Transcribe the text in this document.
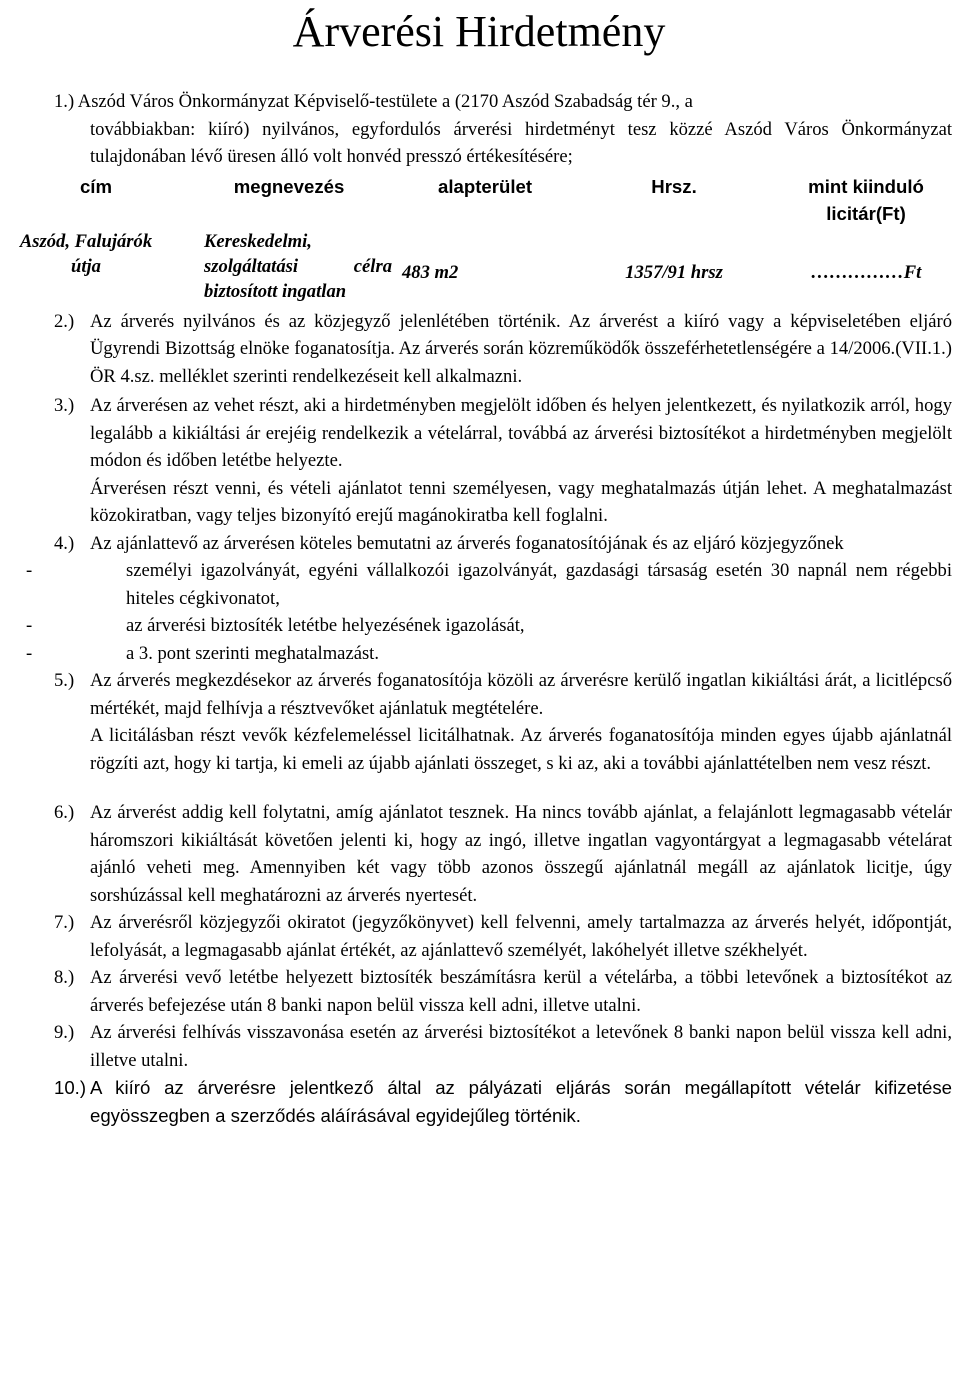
Árverési Hirdetmény
1.) Aszód Város Önkormányzat Képviselő-testülete a (2170 Aszód Szabadság tér 9., a
továbbiakban: kiíró) nyilvános, egyfordulós árverési hirdetményt tesz közzé Aszód Város Önkormányzat tulajdonában lévő üresen álló volt honvéd presszó értékesítésére;
cím	megnevezés	alapterület	Hrsz.	mint kiinduló licitár(Ft)
Aszód, Falujárók útja	Kereskedelmi, szolgáltatási célra biztosított ingatlan	483 m2	1357/91 hrsz	……………Ft
2.) Az árverés nyilvános és az közjegyző jelenlétében történik. Az árverést a kiíró vagy a képviseletében eljáró Ügyrendi Bizottság elnöke foganatosítja. Az árverés során közreműködők összeférhetetlenségére a 14/2006.(VII.1.) ÖR 4.sz. melléklet szerinti rendelkezéseit kell alkalmazni.
3.) Az árverésen az vehet részt, aki a hirdetményben megjelölt időben és helyen jelentkezett, és nyilatkozik arról, hogy legalább a kikiáltási ár erejéig rendelkezik a vételárral, továbbá az árverési biztosítékot a hirdetményben megjelölt módon és időben letétbe helyezte.
Árverésen részt venni, és vételi ajánlatot tenni személyesen, vagy meghatalmazás útján lehet. A meghatalmazást közokiratban, vagy teljes bizonyító erejű magánokiratba kell foglalni.
4.) Az ajánlattevő az árverésen köteles bemutatni az árverés foganatosítójának és az eljáró közjegyzőnek
-	személyi igazolványát, egyéni vállalkozói igazolványát, gazdasági társaság esetén 30 napnál nem régebbi hiteles cégkivonatot,
-	az árverési biztosíték letétbe helyezésének igazolását,
-	a 3. pont szerinti meghatalmazást.
5.) Az árverés megkezdésekor az árverés foganatosítója közöli az árverésre kerülő ingatlan kikiáltási árát, a licitlépcső mértékét, majd felhívja a résztvevőket ajánlatuk megtételére.
A licitálásban részt vevők kézfelemeléssel licitálhatnak. Az árverés foganatosítója minden egyes újabb ajánlatnál rögzíti azt, hogy ki tartja, ki emeli az újabb ajánlati összeget, s ki az, aki a további ajánlattételben nem vesz részt.
6.) Az árverést addig kell folytatni, amíg ajánlatot tesznek. Ha nincs tovább ajánlat, a felajánlott legmagasabb vételár háromszori kikiáltását követően jelenti ki, hogy az ingó, illetve ingatlan vagyontárgyat a legmagasabb vételárat ajánló veheti meg. Amennyiben két vagy több azonos összegű ajánlatnál megáll az ajánlatok licitje, úgy sorshúzással kell meghatározni az árverés nyertesét.
7.) Az árverésről közjegyzői okiratot (jegyzőkönyvet) kell felvenni, amely tartalmazza az árverés helyét, időpontját, lefolyását, a legmagasabb ajánlat értékét, az ajánlattevő személyét, lakóhelyét illetve székhelyét.
8.) Az árverési vevő letétbe helyezett biztosíték beszámításra kerül a vételárba, a többi letevőnek a biztosítékot az árverés befejezése után 8 banki napon belül vissza kell adni, illetve utalni.
9.) Az árverési felhívás visszavonása esetén az árverési biztosítékot a letevőnek 8 banki napon belül vissza kell adni, illetve utalni.
10.) A kiíró az árverésre jelentkező által az pályázati eljárás során megállapított vételár kifizetése egyösszegben a szerződés aláírásával egyidejűleg történik.
